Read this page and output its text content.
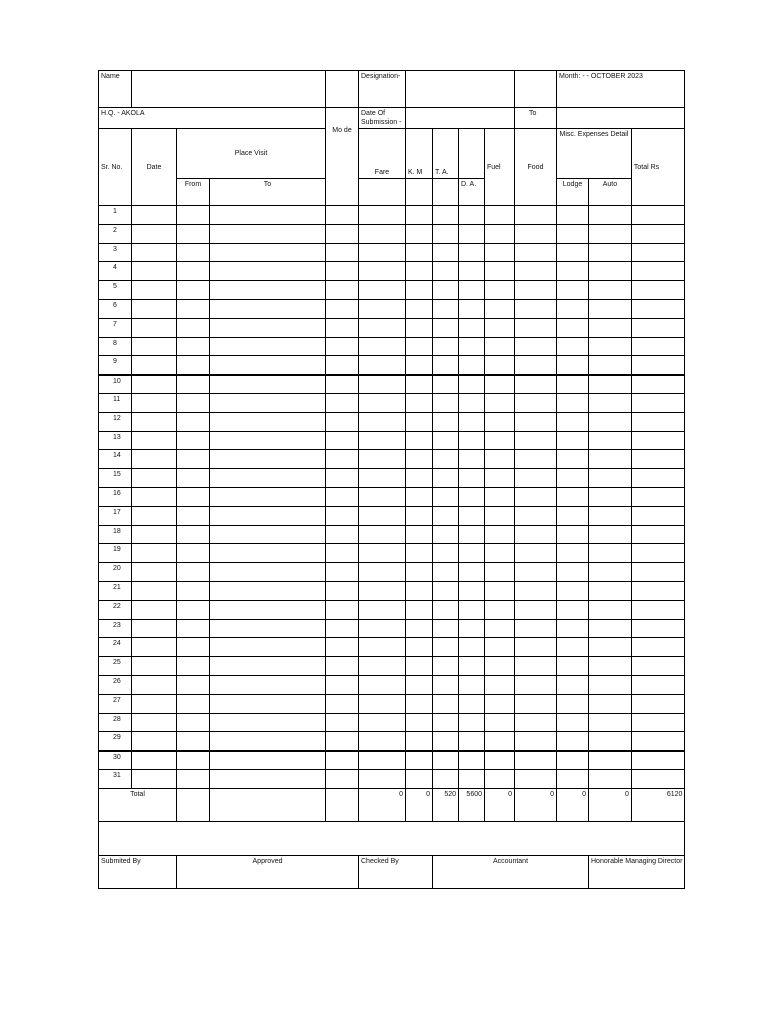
Name					Designation-						Month: - - OCTOBER 2023		
H.Q. - AKOLA				Mo de	Date Of Submission -					To			
Sr. No.	Date	Place Visit			Fare	K. M	T. A.		Fuel	Food	Misc. Expenses Detail		Total Rs
		From	To					D. A.			Lodge	Auto	
1													
2													
3													
4													
5													
6													
7													
8													
9													
10													
11													
12													
13													
14													
15													
16													
17													
18													
19													
20													
21													
22													
23													
24													
25													
26													
27													
28													
29													
30													
31													
Total					0	0	520	5600	0	0	0	0	6120

Submited By		Approved			Checked By		Accountant					Honorable Managing Director	
